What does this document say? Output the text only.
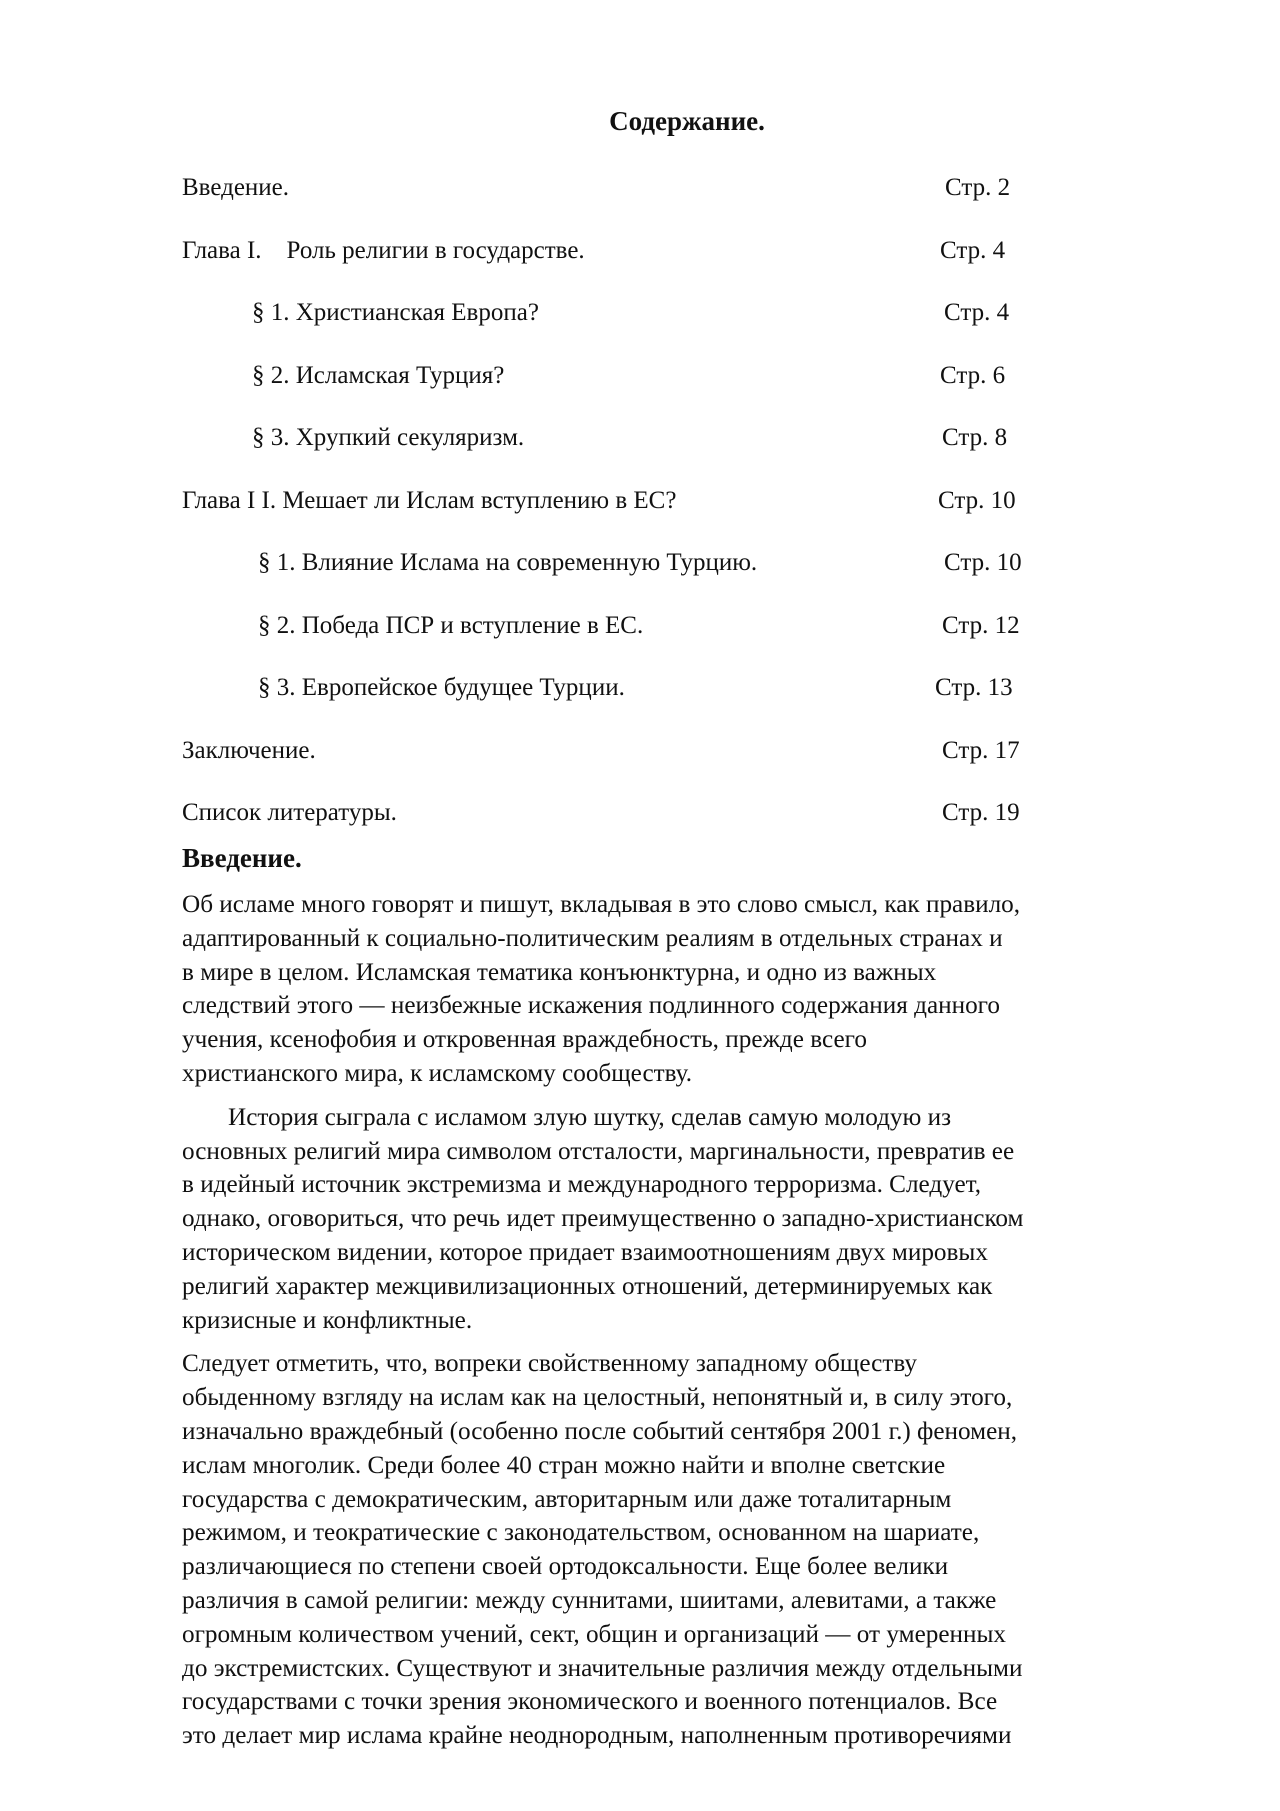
Содержание.
Введение.	Стр. 2
Глава I.    Роль религии в государстве.	Стр. 4
§ 1. Христианская Европа?	Стр. 4
§ 2. Исламская Турция?	Стр. 6
§ 3. Хрупкий секуляризм.	Стр. 8
Глава I I. Мешает ли Ислам вступлению в ЕС?	Стр. 10
§ 1. Влияние Ислама на современную Турцию.	Стр. 10
§ 2. Победа ПСР и вступление в ЕС.	Стр. 12
§ 3. Европейское будущее Турции.	Стр. 13
Заключение.	Стр. 17
Список литературы.	Стр. 19
Введение.

Об исламе много говорят и пишут, вкладывая в это слово смысл, как правило,
адаптированный к социально-политическим реалиям в отдельных странах и
в мире в целом. Исламская тематика конъюнктурна, и одно из важных
следствий этого — неизбежные искажения подлинного содержания данного
учения, ксенофобия и откровенная враждебность, прежде всего
христианского мира, к исламскому сообществу.

История сыграла с исламом злую шутку, сделав самую молодую из
основных религий мира символом отсталости, маргинальности, превратив ее
в идейный источник экстремизма и международного терроризма. Следует,
однако, оговориться, что речь идет преимущественно о западно-христианском
историческом видении, которое придает взаимоотношениям двух мировых
религий характер межцивилизационных отношений, детерминируемых как
кризисные и конфликтные.

Следует отметить, что, вопреки свойственному западному обществу
обыденному взгляду на ислам как на целостный, непонятный и, в силу этого,
изначально враждебный (особенно после событий сентября 2001 г.) феномен,
ислам многолик. Среди более 40 стран можно найти и вполне светские
государства с демократическим, авторитарным или даже тоталитарным
режимом, и теократические с законодательством, основанном на шариате,
различающиеся по степени своей ортодоксальности. Еще более велики
различия в самой религии: между суннитами, шиитами, алевитами, а также
огромным количеством учений, сект, общин и организаций — от умеренных
до экстремистских. Существуют и значительные различия между отдельными
государствами с точки зрения экономического и военного потенциалов. Все
это делает мир ислама крайне неоднородным, наполненным противоречиями
